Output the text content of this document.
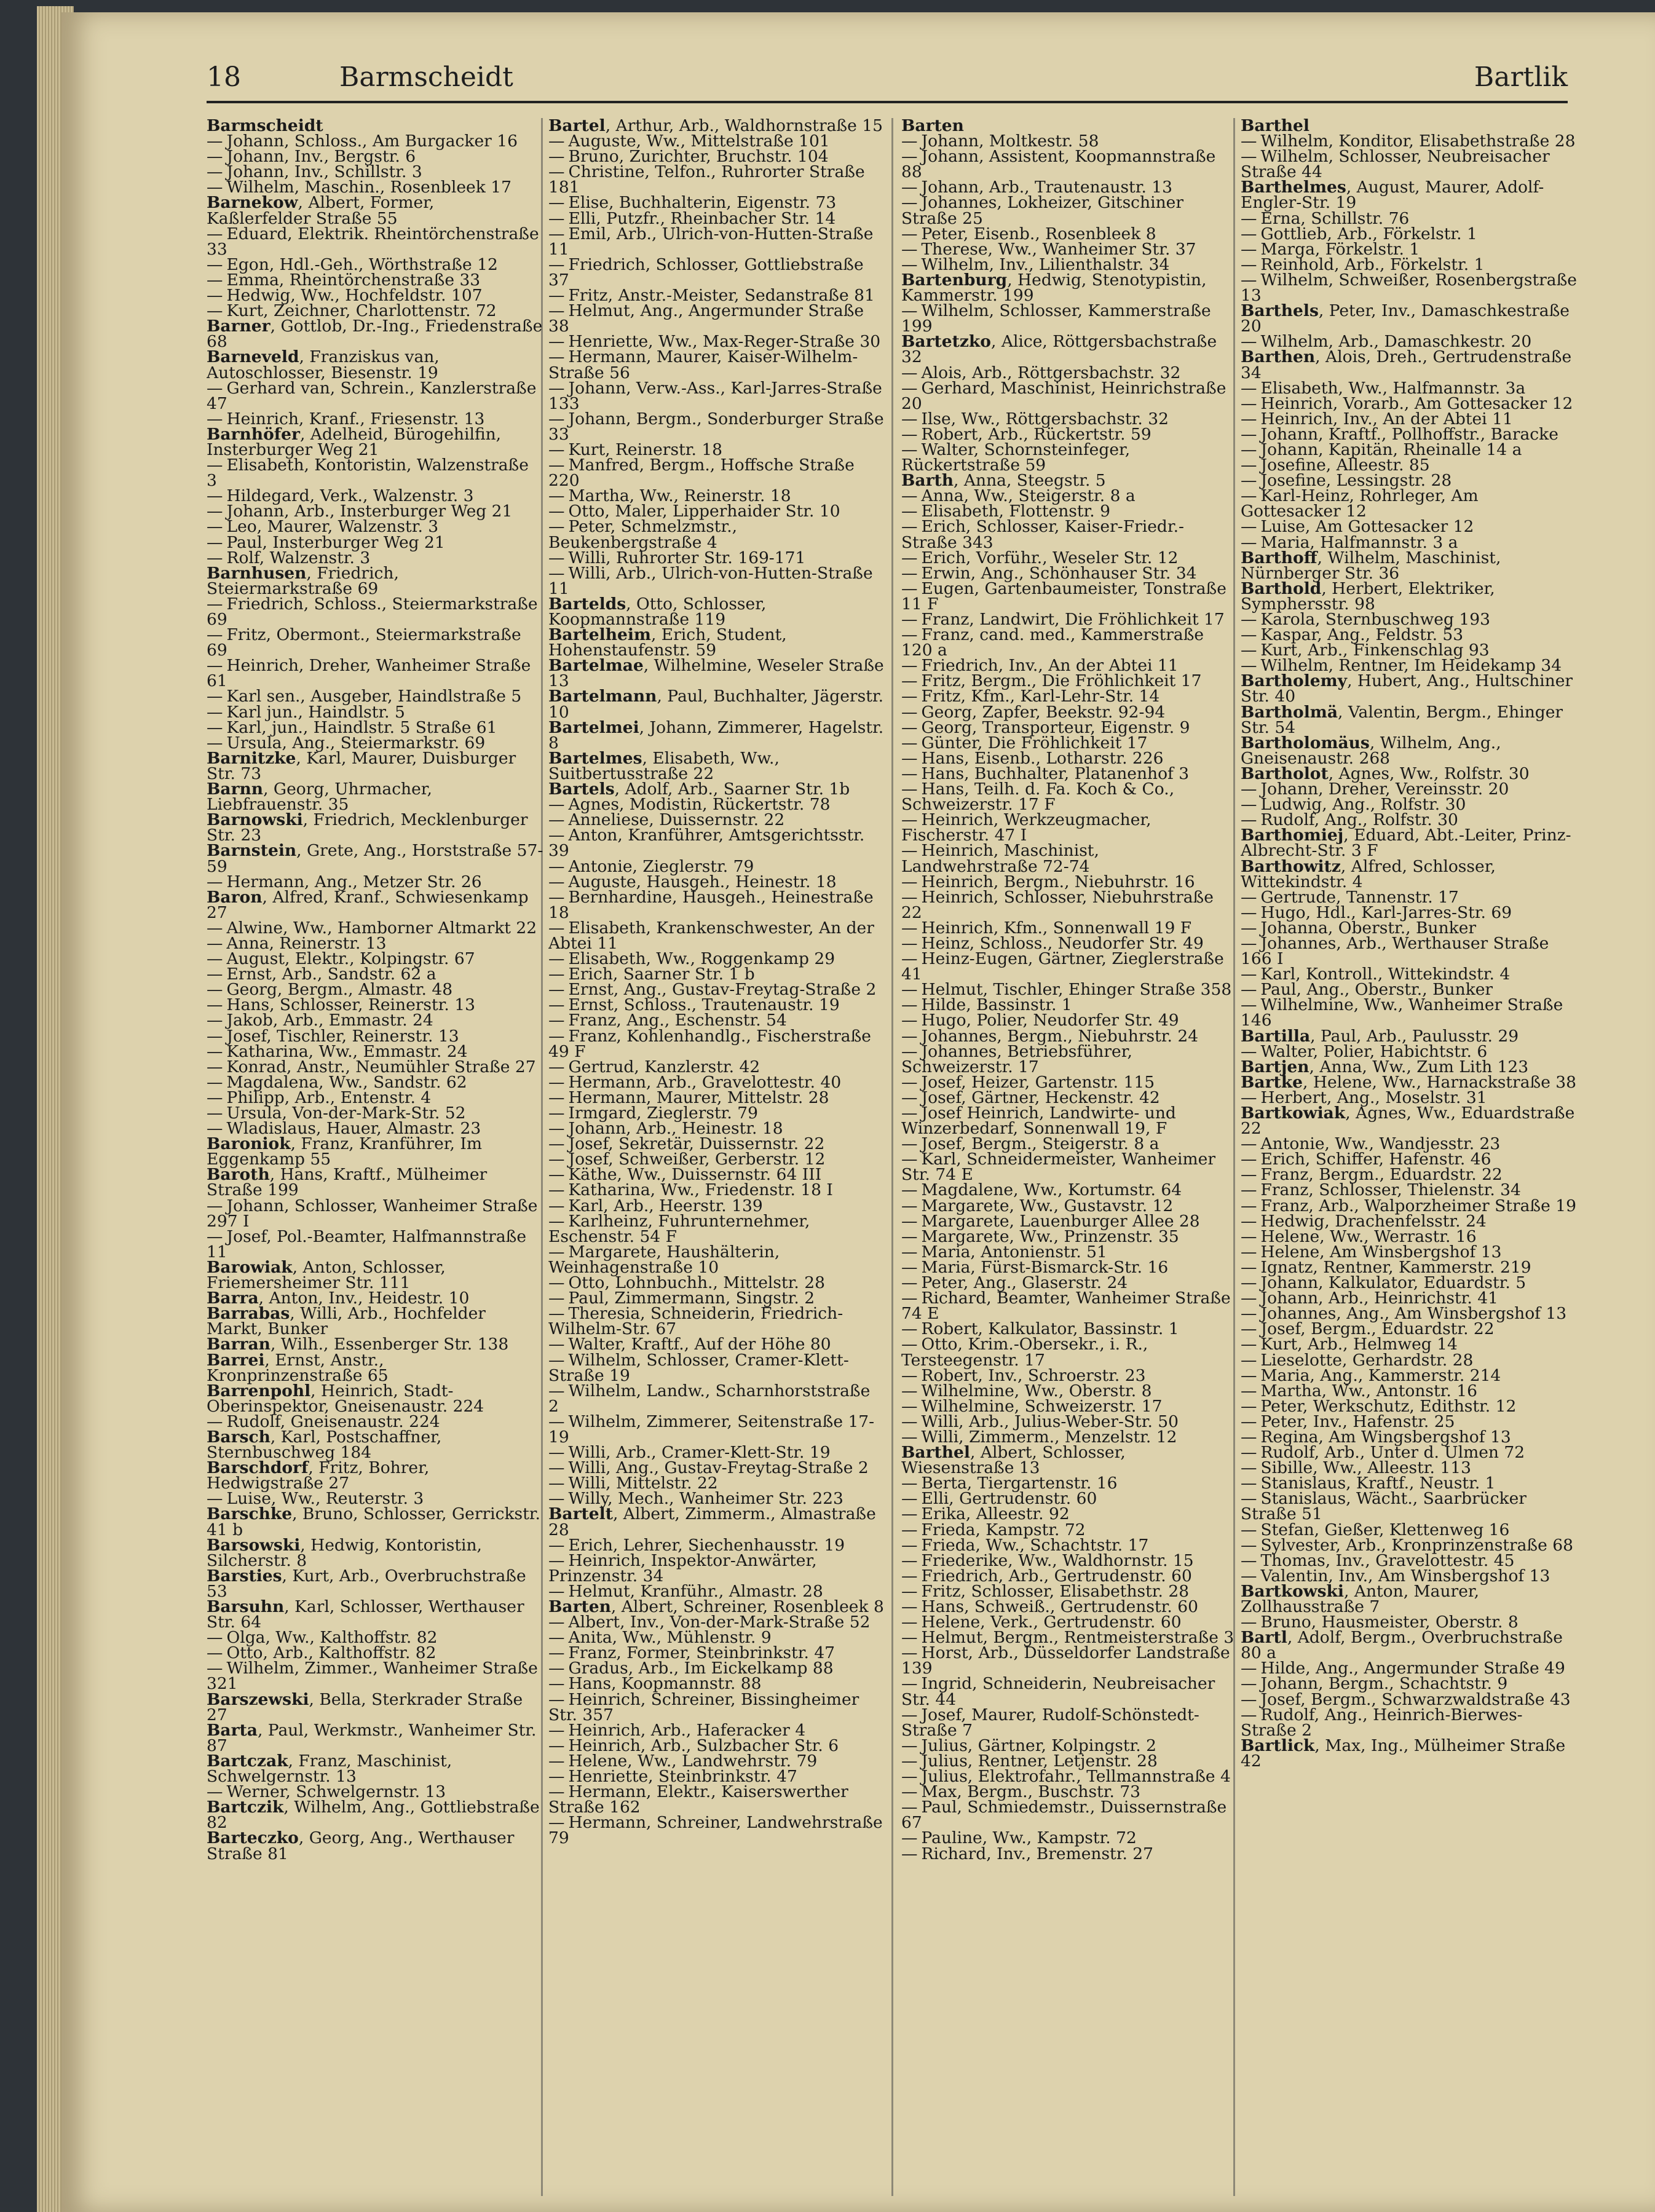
18	Barmscheidt	Bartlik

Barmscheidt

— Johann, Schloss., Am Burgacker 16

— Johann, Inv., Bergstr. 6

— Johann, Inv., Schillstr. 3

— Wilhelm, Maschin., Rosenbleek 17

Barnekow, Albert, Former, Kaßlerfelder Straße 55

— Eduard, Elektrik. Rheintörchenstraße 33

— Egon, Hdl.-Geh., Wörthstraße 12

— Emma, Rheintörchenstraße 33

— Hedwig, Ww., Hochfeldstr. 107

— Kurt, Zeichner, Charlottenstr. 72

Barner, Gottlob, Dr.-Ing., Friedenstraße 68

Barneveld, Franziskus van, Autoschlosser, Biesenstr. 19

— Gerhard van, Schrein., Kanzlerstraße 47

— Heinrich, Kranf., Friesenstr. 13

Barnhöfer, Adelheid, Bürogehilfin, Insterburger Weg 21

— Elisabeth, Kontoristin, Walzenstraße 3

— Hildegard, Verk., Walzenstr. 3

— Johann, Arb., Insterburger Weg 21

— Leo, Maurer, Walzenstr. 3

— Paul, Insterburger Weg 21

— Rolf, Walzenstr. 3

Barnhusen, Friedrich, Steiermarkstraße 69

— Friedrich, Schloss., Steiermarkstraße 69

— Fritz, Obermont., Steiermarkstraße 69

— Heinrich, Dreher, Wanheimer Straße 61

— Karl sen., Ausgeber, Haindlstraße 5

— Karl jun., Haindlstr. 5

— Karl, jun., Haindlstr. 5 Straße 61

— Ursula, Ang., Steiermarkstr. 69

Barnitzke, Karl, Maurer, Duisburger Str. 73

Barnn, Georg, Uhrmacher, Liebfrauenstr. 35

Barnowski, Friedrich, Mecklenburger Str. 23

Barnstein, Grete, Ang., Horststraße 57-59

— Hermann, Ang., Metzer Str. 26

Baron, Alfred, Kranf., Schwiesenkamp 27

— Alwine, Ww., Hamborner Altmarkt 22

— Anna, Reinerstr. 13

— August, Elektr., Kolpingstr. 67

— Ernst, Arb., Sandstr. 62 a

— Georg, Bergm., Almastr. 48

— Hans, Schlosser, Reinerstr. 13

— Jakob, Arb., Emmastr. 24

— Josef, Tischler, Reinerstr. 13

— Katharina, Ww., Emmastr. 24

— Konrad, Anstr., Neumühler Straße 27

— Magdalena, Ww., Sandstr. 62

— Philipp, Arb., Entenstr. 4

— Ursula, Von-der-Mark-Str. 52

— Wladislaus, Hauer, Almastr. 23

Baroniok, Franz, Kranführer, Im Eggenkamp 55

Baroth, Hans, Kraftf., Mülheimer Straße 199

— Johann, Schlosser, Wanheimer Straße 297 I

— Josef, Pol.-Beamter, Halfmannstraße 11

Barowiak, Anton, Schlosser, Friemersheimer Str. 111

Barra, Anton, Inv., Heidestr. 10

Barrabas, Willi, Arb., Hochfelder Markt, Bunker

Barran, Wilh., Essenberger Str. 138

Barrei, Ernst, Anstr., Kronprinzenstraße 65

Barrenpohl, Heinrich, Stadt-Oberinspektor, Gneisenaustr. 224

— Rudolf, Gneisenaustr. 224

Barsch, Karl, Postschaffner, Sternbuschweg 184

Barschdorf, Fritz, Bohrer, Hedwigstraße 27

— Luise, Ww., Reuterstr. 3

Barschke, Bruno, Schlosser, Gerrickstr. 41 b

Barsowski, Hedwig, Kontoristin, Silcherstr. 8

Barsties, Kurt, Arb., Overbruchstraße 53

Barsuhn, Karl, Schlosser, Werthauser Str. 64

— Olga, Ww., Kalthoffstr. 82

— Otto, Arb., Kalthoffstr. 82

— Wilhelm, Zimmer., Wanheimer Straße 321

Barszewski, Bella, Sterkrader Straße 27

Barta, Paul, Werkmstr., Wanheimer Str. 87

Bartczak, Franz, Maschinist, Schwelgernstr. 13

— Werner, Schwelgernstr. 13

Bartczik, Wilhelm, Ang., Gottliebstraße 82

Barteczko, Georg, Ang., Werthauser Straße 81

Bartel, Arthur, Arb., Waldhornstraße 15

— Auguste, Ww., Mittelstraße 101

— Bruno, Zurichter, Bruchstr. 104

— Christine, Telfon., Ruhrorter Straße 181

— Elise, Buchhalterin, Eigenstr. 73

— Elli, Putzfr., Rheinbacher Str. 14

— Emil, Arb., Ulrich-von-Hutten-Straße 11

— Friedrich, Schlosser, Gottliebstraße 37

— Fritz, Anstr.-Meister, Sedanstraße 81

— Helmut, Ang., Angermunder Straße 38

— Henriette, Ww., Max-Reger-Straße 30

— Hermann, Maurer, Kaiser-Wilhelm-Straße 56

— Johann, Verw.-Ass., Karl-Jarres-Straße 133

— Johann, Bergm., Sonderburger Straße 33

— Kurt, Reinerstr. 18

— Manfred, Bergm., Hoffsche Straße 220

— Martha, Ww., Reinerstr. 18

— Otto, Maler, Lipperhaider Str. 10

— Peter, Schmelzmstr., Beukenbergstraße 4

— Willi, Ruhrorter Str. 169-171

— Willi, Arb., Ulrich-von-Hutten-Straße 11

Bartelds, Otto, Schlosser, Koopmannstraße 119

Bartelheim, Erich, Student, Hohenstaufenstr. 59

Bartelmae, Wilhelmine, Weseler Straße 13

Bartelmann, Paul, Buchhalter, Jägerstr. 10

Bartelmei, Johann, Zimmerer, Hagelstr. 8

Bartelmes, Elisabeth, Ww., Suitbertusstraße 22

Bartels, Adolf, Arb., Saarner Str. 1b

— Agnes, Modistin, Rückertstr. 78

— Anneliese, Duissernstr. 22

— Anton, Kranführer, Amtsgerichtsstr. 39

— Antonie, Zieglerstr. 79

— Auguste, Hausgeh., Heinestr. 18

— Bernhardine, Hausgeh., Heinestraße 18

— Elisabeth, Krankenschwester, An der Abtei 11

— Elisabeth, Ww., Roggenkamp 29

— Erich, Saarner Str. 1 b

— Ernst, Ang., Gustav-Freytag-Straße 2

— Ernst, Schloss., Trautenaustr. 19

— Franz, Ang., Eschenstr. 54

— Franz, Kohlenhandlg., Fischerstraße 49 F

— Gertrud, Kanzlerstr. 42

— Hermann, Arb., Gravelottestr. 40

— Hermann, Maurer, Mittelstr. 28

— Irmgard, Zieglerstr. 79

— Johann, Arb., Heinestr. 18

— Josef, Sekretär, Duissernstr. 22

— Josef, Schweißer, Gerberstr. 12

— Käthe, Ww., Duissernstr. 64 III

— Katharina, Ww., Friedenstr. 18 I

— Karl, Arb., Heerstr. 139

— Karlheinz, Fuhrunternehmer, Eschenstr. 54 F

— Margarete, Haushälterin, Weinhagenstraße 10

— Otto, Lohnbuchh., Mittelstr. 28

— Paul, Zimmermann, Singstr. 2

— Theresia, Schneiderin, Friedrich-Wilhelm-Str. 67

— Walter, Kraftf., Auf der Höhe 80

— Wilhelm, Schlosser, Cramer-Klett-Straße 19

— Wilhelm, Landw., Scharnhorststraße 2

— Wilhelm, Zimmerer, Seitenstraße 17-19

— Willi, Arb., Cramer-Klett-Str. 19

— Willi, Ang., Gustav-Freytag-Straße 2

— Willi, Mittelstr. 22

— Willy, Mech., Wanheimer Str. 223

Bartelt, Albert, Zimmerm., Almastraße 28

— Erich, Lehrer, Siechenhausstr. 19

— Heinrich, Inspektor-Anwärter, Prinzenstr. 34

— Helmut, Kranführ., Almastr. 28

Barten, Albert, Schreiner, Rosenbleek 8

— Albert, Inv., Von-der-Mark-Straße 52

— Anita, Ww., Mühlenstr. 9

— Franz, Former, Steinbrinkstr. 47

— Gradus, Arb., Im Eickelkamp 88

— Hans, Koopmannstr. 88

— Heinrich, Schreiner, Bissingheimer Str. 357

— Heinrich, Arb., Haferacker 4

— Heinrich, Arb., Sulzbacher Str. 6

— Helene, Ww., Landwehrstr. 79

— Henriette, Steinbrinkstr. 47

— Hermann, Elektr., Kaiserswerther Straße 162

— Hermann, Schreiner, Landwehrstraße 79

Barten

— Johann, Moltkestr. 58

— Johann, Assistent, Koopmannstraße 88

— Johann, Arb., Trautenaustr. 13

— Johannes, Lokheizer, Gitschiner Straße 25

— Peter, Eisenb., Rosenbleek 8

— Therese, Ww., Wanheimer Str. 37

— Wilhelm, Inv., Lilienthalstr. 34

Bartenburg, Hedwig, Stenotypistin, Kammerstr. 199

— Wilhelm, Schlosser, Kammerstraße 199

Bartetzko, Alice, Röttgersbachstraße 32

— Alois, Arb., Röttgersbachstr. 32

— Gerhard, Maschinist, Heinrichstraße 20

— Ilse, Ww., Röttgersbachstr. 32

— Robert, Arb., Rückertstr. 59

— Walter, Schornsteinfeger, Rückertstraße 59

Barth, Anna, Steegstr. 5

— Anna, Ww., Steigerstr. 8 a

— Elisabeth, Flottenstr. 9

— Erich, Schlosser, Kaiser-Friedr.-Straße 343

— Erich, Vorführ., Weseler Str. 12

— Erwin, Ang., Schönhauser Str. 34

— Eugen, Gartenbaumeister, Tonstraße 11 F

— Franz, Landwirt, Die Fröhlichkeit 17

— Franz, cand. med., Kammerstraße 120 a

— Friedrich, Inv., An der Abtei 11

— Fritz, Bergm., Die Fröhlichkeit 17

— Fritz, Kfm., Karl-Lehr-Str. 14

— Georg, Zapfer, Beekstr. 92-94

— Georg, Transporteur, Eigenstr. 9

— Günter, Die Fröhlichkeit 17

— Hans, Eisenb., Lotharstr. 226

— Hans, Buchhalter, Platanenhof 3

— Hans, Teilh. d. Fa. Koch & Co., Schweizerstr. 17 F

— Heinrich, Werkzeugmacher, Fischerstr. 47 I

— Heinrich, Maschinist, Landwehrstraße 72-74

— Heinrich, Bergm., Niebuhrstr. 16

— Heinrich, Schlosser, Niebuhrstraße 22

— Heinrich, Kfm., Sonnenwall 19 F

— Heinz, Schloss., Neudorfer Str. 49

— Heinz-Eugen, Gärtner, Zieglerstraße 41

— Helmut, Tischler, Ehinger Straße 358

— Hilde, Bassinstr. 1

— Hugo, Polier, Neudorfer Str. 49

— Johannes, Bergm., Niebuhrstr. 24

— Johannes, Betriebsführer, Schweizerstr. 17

— Josef, Heizer, Gartenstr. 115

— Josef, Gärtner, Heckenstr. 42

— Josef Heinrich, Landwirte- und Winzerbedarf, Sonnenwall 19, F

— Josef, Bergm., Steigerstr. 8 a

— Karl, Schneidermeister, Wanheimer Str. 74 E

— Magdalene, Ww., Kortumstr. 64

— Margarete, Ww., Gustavstr. 12

— Margarete, Lauenburger Allee 28

— Margarete, Ww., Prinzenstr. 35

— Maria, Antonienstr. 51

— Maria, Fürst-Bismarck-Str. 16

— Peter, Ang., Glaserstr. 24

— Richard, Beamter, Wanheimer Straße 74 E

— Robert, Kalkulator, Bassinstr. 1

— Otto, Krim.-Obersekr., i. R., Tersteegenstr. 17

— Robert, Inv., Schroerstr. 23

— Wilhelmine, Ww., Oberstr. 8

— Wilhelmine, Schweizerstr. 17

— Willi, Arb., Julius-Weber-Str. 50

— Willi, Zimmerm., Menzelstr. 12

Barthel, Albert, Schlosser, Wiesenstraße 13

— Berta, Tiergartenstr. 16

— Elli, Gertrudenstr. 60

— Erika, Alleestr. 92

— Frieda, Kampstr. 72

— Frieda, Ww., Schachtstr. 17

— Friederike, Ww., Waldhornstr. 15

— Friedrich, Arb., Gertrudenstr. 60

— Fritz, Schlosser, Elisabethstr. 28

— Hans, Schweiß., Gertrudenstr. 60

— Helene, Verk., Gertrudenstr. 60

— Helmut, Bergm., Rentmeisterstraße 3

— Horst, Arb., Düsseldorfer Landstraße 139

— Ingrid, Schneiderin, Neubreisacher Str. 44

— Josef, Maurer, Rudolf-Schönstedt-Straße 7

— Julius, Gärtner, Kolpingstr. 2

— Julius, Rentner, Letjenstr. 28

— Julius, Elektrofahr., Tellmannstraße 4

— Max, Bergm., Buschstr. 73

— Paul, Schmiedemstr., Duissernstraße 67

— Pauline, Ww., Kampstr. 72

— Richard, Inv., Bremenstr. 27

Barthel

— Wilhelm, Konditor, Elisabethstraße 28

— Wilhelm, Schlosser, Neubreisacher Straße 44

Barthelmes, August, Maurer, Adolf-Engler-Str. 19

— Erna, Schillstr. 76

— Gottlieb, Arb., Förkelstr. 1

— Marga, Förkelstr. 1

— Reinhold, Arb., Förkelstr. 1

— Wilhelm, Schweißer, Rosenbergstraße 13

Barthels, Peter, Inv., Damaschkestraße 20

— Wilhelm, Arb., Damaschkestr. 20

Barthen, Alois, Dreh., Gertrudenstraße 34

— Elisabeth, Ww., Halfmannstr. 3a

— Heinrich, Vorarb., Am Gottesacker 12

— Heinrich, Inv., An der Abtei 11

— Johann, Kraftf., Pollhoffstr., Baracke

— Johann, Kapitän, Rheinalle 14 a

— Josefine, Alleestr. 85

— Josefine, Lessingstr. 28

— Karl-Heinz, Rohrleger, Am Gottesacker 12

— Luise, Am Gottesacker 12

— Maria, Halfmannstr. 3 a

Barthoff, Wilhelm, Maschinist, Nürnberger Str. 36

Barthold, Herbert, Elektriker, Symphersstr. 98

— Karola, Sternbuschweg 193

— Kaspar, Ang., Feldstr. 53

— Kurt, Arb., Finkenschlag 93

— Wilhelm, Rentner, Im Heidekamp 34

Bartholemy, Hubert, Ang., Hultschiner Str. 40

Bartholmä, Valentin, Bergm., Ehinger Str. 54

Bartholomäus, Wilhelm, Ang., Gneisenaustr. 268

Bartholot, Agnes, Ww., Rolfstr. 30

— Johann, Dreher, Vereinsstr. 20

— Ludwig, Ang., Rolfstr. 30

— Rudolf, Ang., Rolfstr. 30

Barthomiej, Eduard, Abt.-Leiter, Prinz-Albrecht-Str. 3 F

Barthowitz, Alfred, Schlosser, Wittekindstr. 4

— Gertrude, Tannenstr. 17

— Hugo, Hdl., Karl-Jarres-Str. 69

— Johanna, Oberstr., Bunker

— Johannes, Arb., Werthauser Straße 166 I

— Karl, Kontroll., Wittekindstr. 4

— Paul, Ang., Oberstr., Bunker

— Wilhelmine, Ww., Wanheimer Straße 146

Bartilla, Paul, Arb., Paulusstr. 29

— Walter, Polier, Habichtstr. 6

Bartjen, Anna, Ww., Zum Lith 123

Bartke, Helene, Ww., Harnackstraße 38

— Herbert, Ang., Moselstr. 31

Bartkowiak, Agnes, Ww., Eduardstraße 22

— Antonie, Ww., Wandjesstr. 23

— Erich, Schiffer, Hafenstr. 46

— Franz, Bergm., Eduardstr. 22

— Franz, Schlosser, Thielenstr. 34

— Franz, Arb., Walporzheimer Straße 19

— Hedwig, Drachenfelsstr. 24

— Helene, Ww., Werrastr. 16

— Helene, Am Winsbergshof 13

— Ignatz, Rentner, Kammerstr. 219

— Johann, Kalkulator, Eduardstr. 5

— Johann, Arb., Heinrichstr. 41

— Johannes, Ang., Am Winsbergshof 13

— Josef, Bergm., Eduardstr. 22

— Kurt, Arb., Helmweg 14

— Lieselotte, Gerhardstr. 28

— Maria, Ang., Kammerstr. 214

— Martha, Ww., Antonstr. 16

— Peter, Werkschutz, Edithstr. 12

— Peter, Inv., Hafenstr. 25

— Regina, Am Wingsbergshof 13

— Rudolf, Arb., Unter d. Ulmen 72

— Sibille, Ww., Alleestr. 113

— Stanislaus, Kraftf., Neustr. 1

— Stanislaus, Wächt., Saarbrücker Straße 51

— Stefan, Gießer, Klettenweg 16

— Sylvester, Arb., Kronprinzenstraße 68

— Thomas, Inv., Gravelottestr. 45

— Valentin, Inv., Am Winsbergshof 13

Bartkowski, Anton, Maurer, Zollhausstraße 7

— Bruno, Hausmeister, Oberstr. 8

Bartl, Adolf, Bergm., Overbruchstraße 80 a

— Hilde, Ang., Angermunder Straße 49

— Johann, Bergm., Schachtstr. 9

— Josef, Bergm., Schwarzwaldstraße 43

— Rudolf, Ang., Heinrich-Bierwes-Straße 2

Bartlick, Max, Ing., Mülheimer Straße 42
